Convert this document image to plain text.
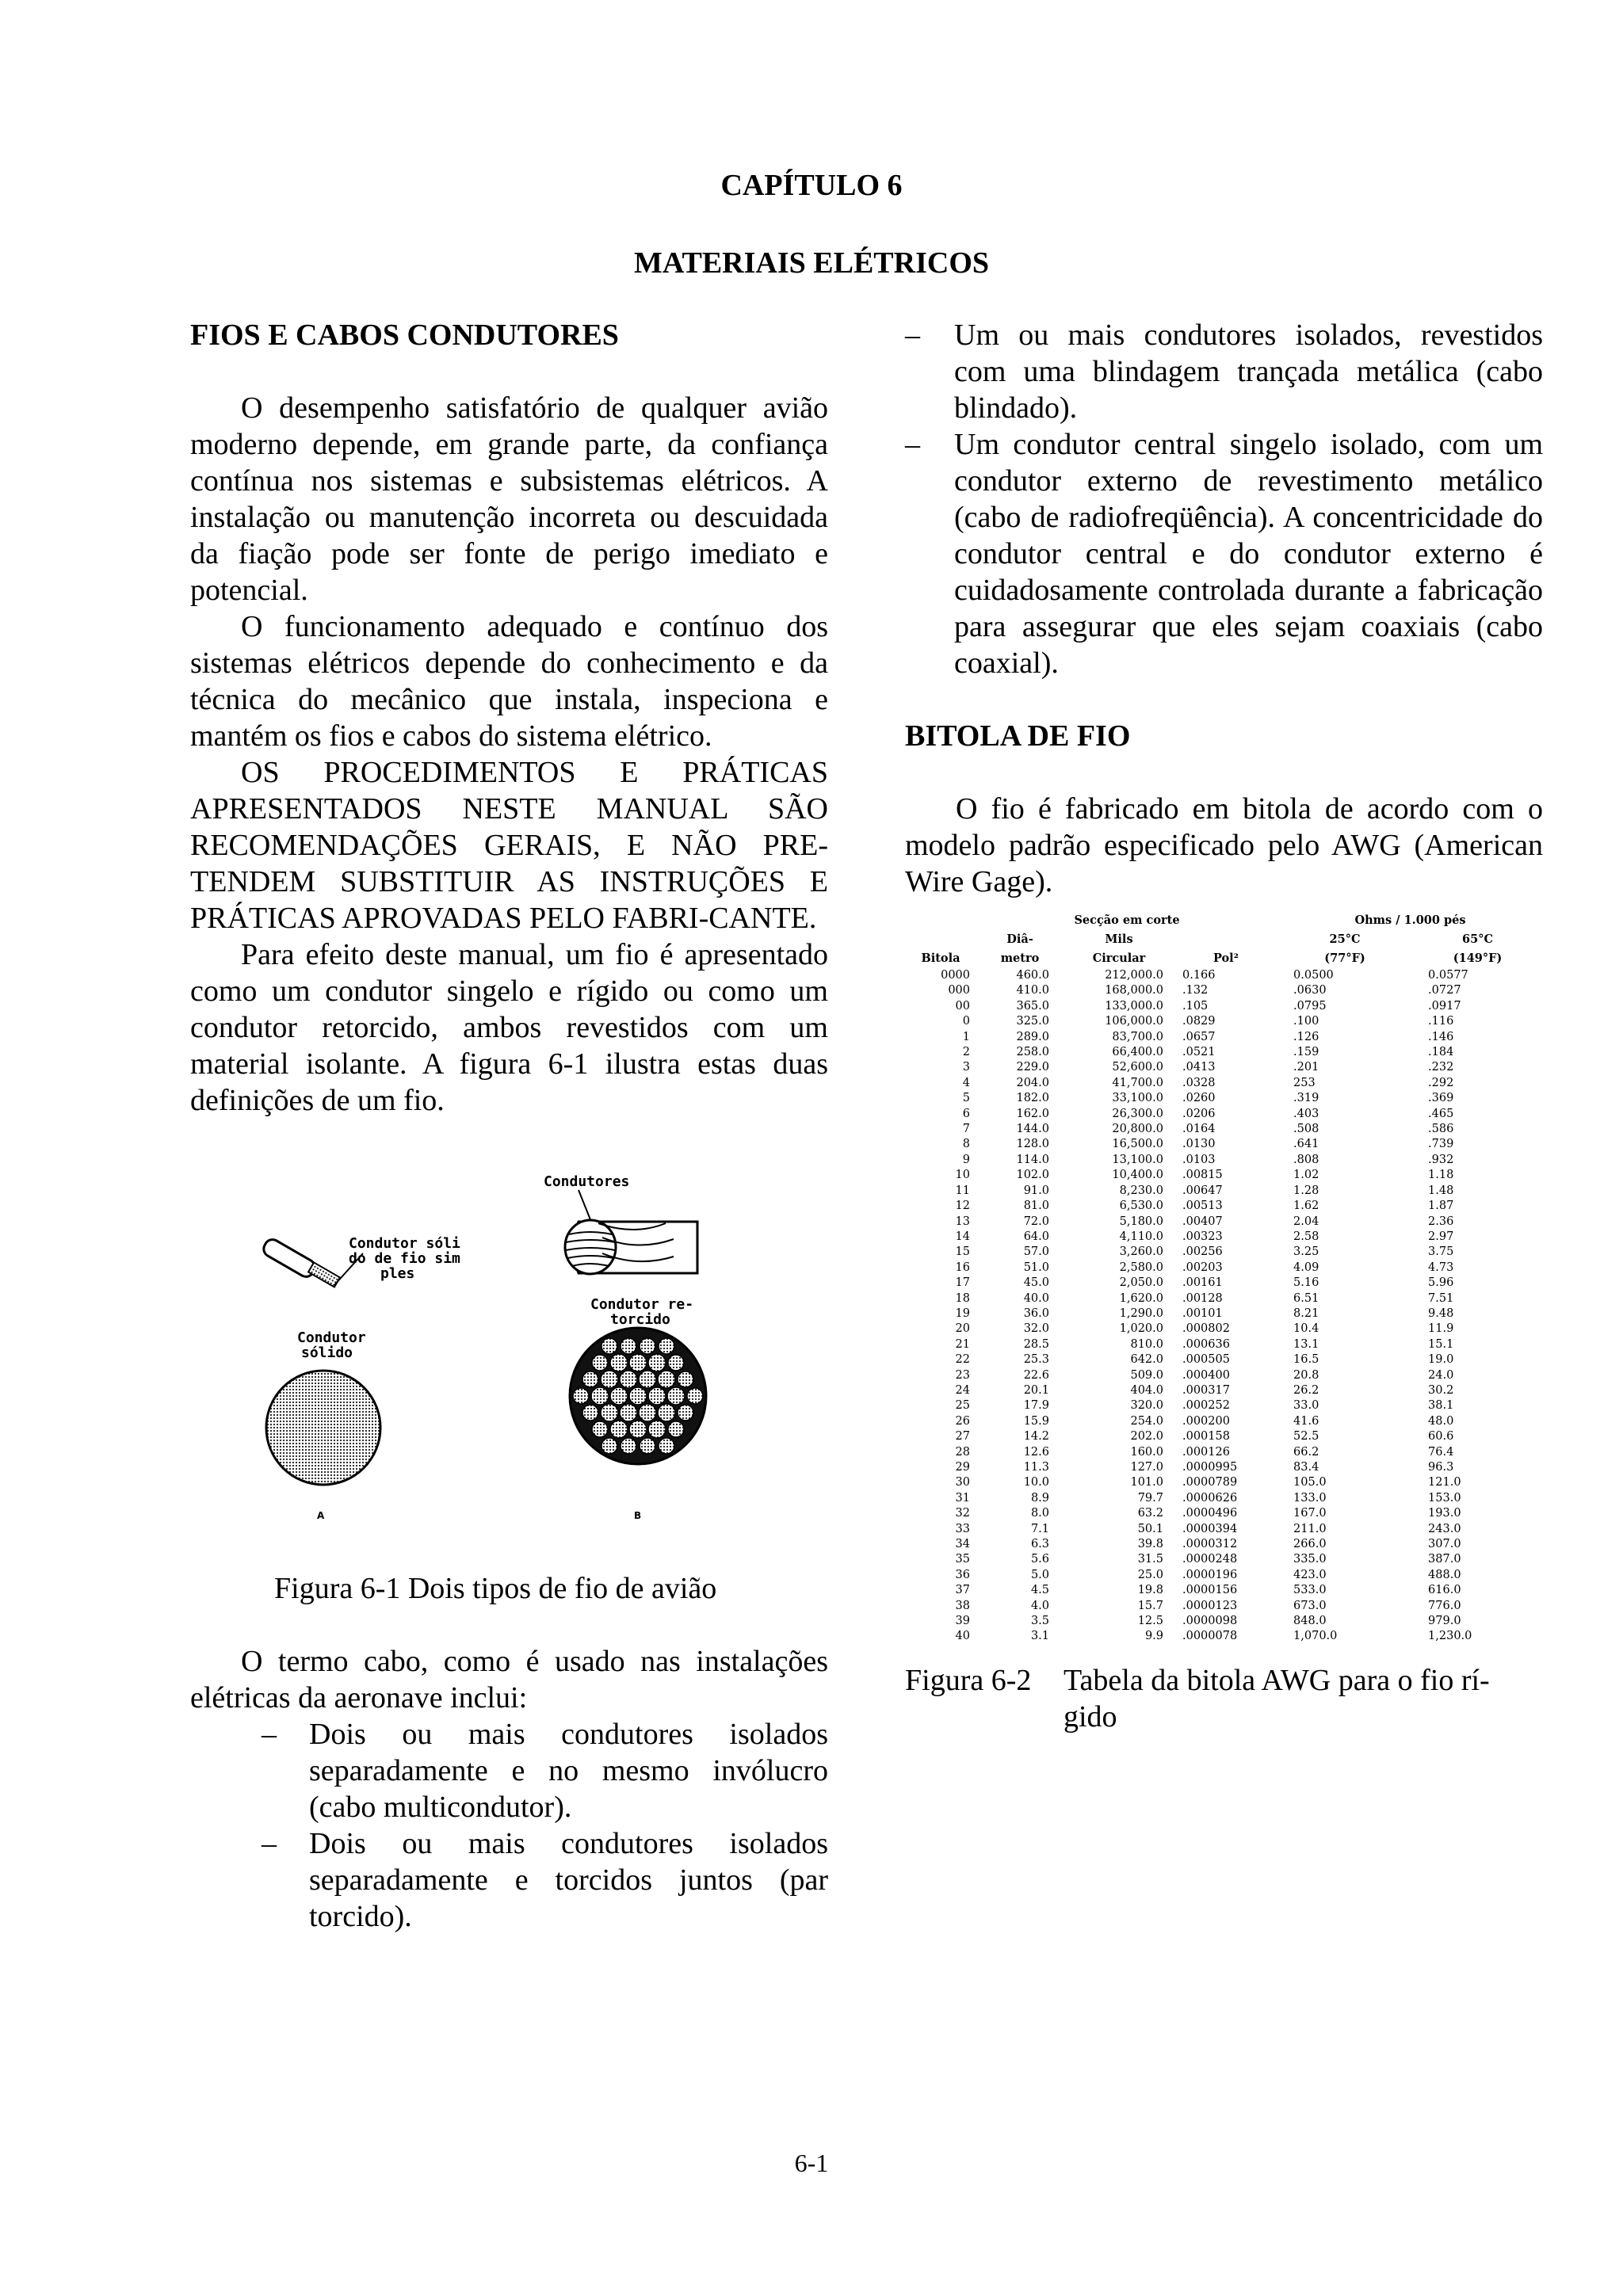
CAPÍTULO 6
MATERIAIS ELÉTRICOS
FIOS E CABOS CONDUTORES

O desempenho satisfatório de qualquer avião moderno depende, em grande parte, da confiança contínua nos sistemas e subsistemas elétricos. A instalação ou manutenção incorreta ou descuidada da fiação pode ser fonte de perigo imediato e potencial.

O funcionamento adequado e contínuo dos sistemas elétricos depende do conhecimento e da técnica do mecânico que instala, inspeciona e mantém os fios e cabos do sistema elétrico.

OS PROCEDIMENTOS E PRÁTICAS APRESENTADOS NESTE MANUAL SÃO RECOMENDAÇÕES GERAIS, E NÃO PRE-TENDEM SUBSTITUIR AS INSTRUÇÕES E PRÁTICAS APROVADAS PELO FABRI-CANTE.

Para efeito deste manual, um fio é apresentado como um condutor singelo e rígido ou como um condutor retorcido, ambos revestidos com um material isolante. A figura 6-1 ilustra estas duas definições de um fio.

Condutores
Condutor sóli
do de fio sim
ples
Condutor re-
torcido
Condutor
sólido
A	B
Figura 6-1 Dois tipos de fio de avião

O termo cabo, como é usado nas instalações elétricas da aeronave inclui:

– Dois ou mais condutores isolados separadamente e no mesmo invólucro (cabo multicondutor).
– Dois ou mais condutores isolados separadamente e torcidos juntos (par torcido).
– Um ou mais condutores isolados, revestidos com uma blindagem trançada metálica (cabo blindado).
– Um condutor central singelo isolado, com um condutor externo de revestimento metálico (cabo de radiofreqüência). A concentricidade do condutor central e do condutor externo é cuidadosamente controlada durante a fabricação para assegurar que eles sejam coaxiais (cabo coaxial).
BITOLA DE FIO

O fio é fabricado em bitola de acordo com o modelo padrão especificado pelo AWG (American Wire Gage).

	Secção em corte			Ohms / 1.000 pés	
	Diâ-	Mils		25°C	65°C
Bitola	metro	Circular	Pol²	(77°F)	(149°F)
0000	460.0	212,000.0	0.166	0.0500	0.0577
000	410.0	168,000.0	.132	.0630	.0727
00	365.0	133,000.0	.105	.0795	.0917
0	325.0	106,000.0	.0829	.100	.116
1	289.0	83,700.0	.0657	.126	.146
2	258.0	66,400.0	.0521	.159	.184
3	229.0	52,600.0	.0413	.201	.232
4	204.0	41,700.0	.0328	253	.292
5	182.0	33,100.0	.0260	.319	.369
6	162.0	26,300.0	.0206	.403	.465
7	144.0	20,800.0	.0164	.508	.586
8	128.0	16,500.0	.0130	.641	.739
9	114.0	13,100.0	.0103	.808	.932
10	102.0	10,400.0	.00815	1.02	1.18
11	91.0	8,230.0	.00647	1.28	1.48
12	81.0	6,530.0	.00513	1.62	1.87
13	72.0	5,180.0	.00407	2.04	2.36
14	64.0	4,110.0	.00323	2.58	2.97
15	57.0	3,260.0	.00256	3.25	3.75
16	51.0	2,580.0	.00203	4.09	4.73
17	45.0	2,050.0	.00161	5.16	5.96
18	40.0	1,620.0	.00128	6.51	7.51
19	36.0	1,290.0	.00101	8.21	9.48
20	32.0	1,020.0	.000802	10.4	11.9
21	28.5	810.0	.000636	13.1	15.1
22	25.3	642.0	.000505	16.5	19.0
23	22.6	509.0	.000400	20.8	24.0
24	20.1	404.0	.000317	26.2	30.2
25	17.9	320.0	.000252	33.0	38.1
26	15.9	254.0	.000200	41.6	48.0
27	14.2	202.0	.000158	52.5	60.6
28	12.6	160.0	.000126	66.2	76.4
29	11.3	127.0	.0000995	83.4	96.3
30	10.0	101.0	.0000789	105.0	121.0
31	8.9	79.7	.0000626	133.0	153.0
32	8.0	63.2	.0000496	167.0	193.0
33	7.1	50.1	.0000394	211.0	243.0
34	6.3	39.8	.0000312	266.0	307.0
35	5.6	31.5	.0000248	335.0	387.0
36	5.0	25.0	.0000196	423.0	488.0
37	4.5	19.8	.0000156	533.0	616.0
38	4.0	15.7	.0000123	673.0	776.0
39	3.5	12.5	.0000098	848.0	979.0
40	3.1	9.9	.0000078	1,070.0	1,230.0
Figura 6-2 Tabela da bitola AWG para o fio rí-gido
6-1
